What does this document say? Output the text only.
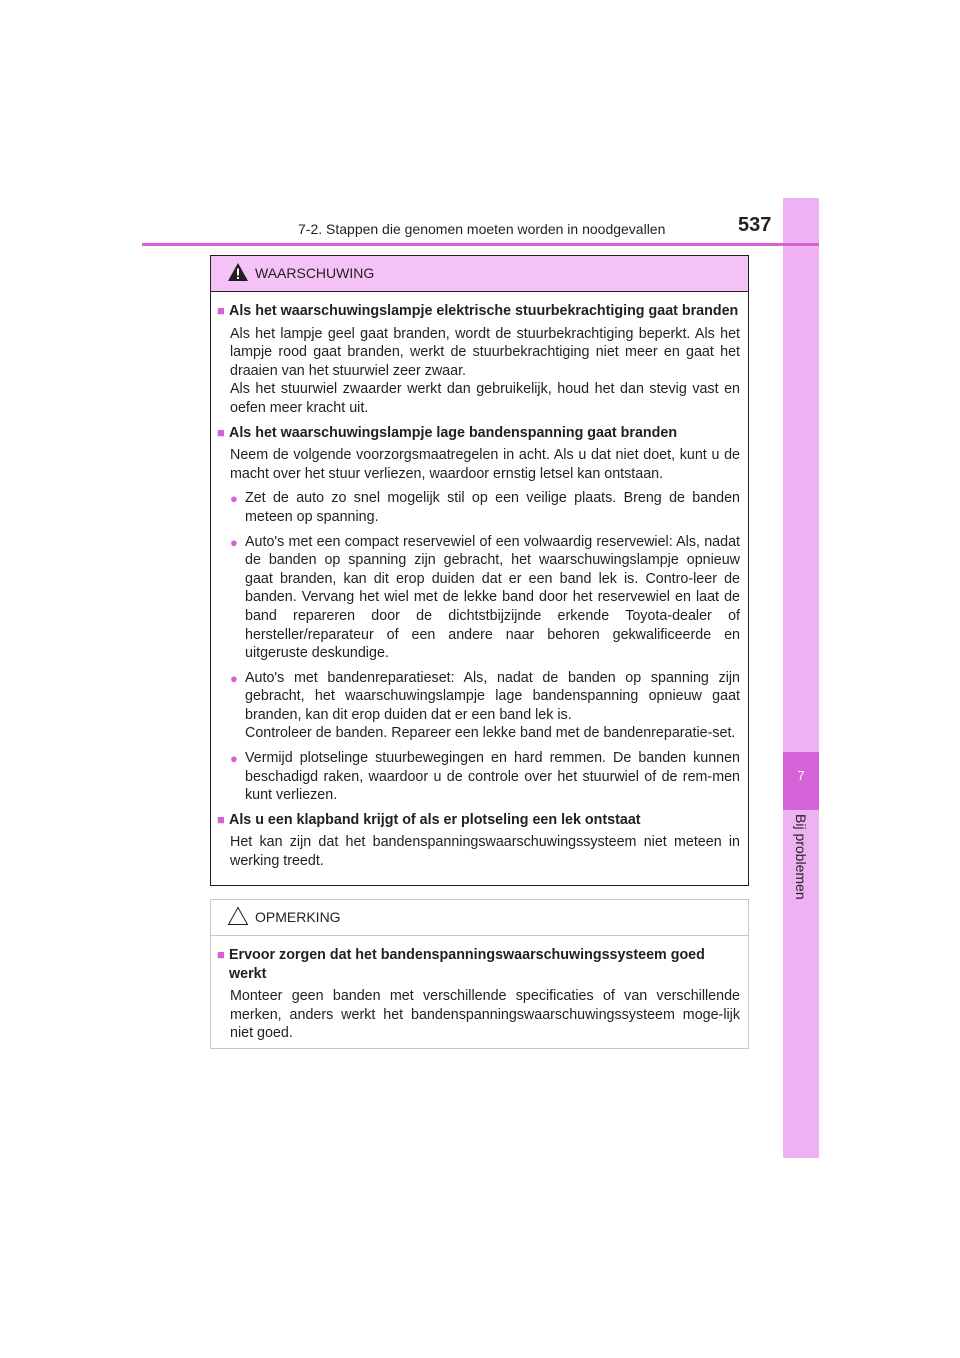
7
Bij problemen
7-2. Stappen die genomen moeten worden in noodgevallen	537
WAARSCHUWING
■ Als het waarschuwingslampje elektrische stuurbekrachtiging gaat branden
Als het lampje geel gaat branden, wordt de stuurbekrachtiging beperkt. Als het lampje rood gaat branden, werkt de stuurbekrachtiging niet meer en gaat het draaien van het stuurwiel zeer zwaar.
Als het stuurwiel zwaarder werkt dan gebruikelijk, houd het dan stevig vast en oefen meer kracht uit.
■ Als het waarschuwingslampje lage bandenspanning gaat branden
Neem de volgende voorzorgsmaatregelen in acht. Als u dat niet doet, kunt u de macht over het stuur verliezen, waardoor ernstig letsel kan ontstaan.
● Zet de auto zo snel mogelijk stil op een veilige plaats. Breng de banden meteen op spanning.
● Auto's met een compact reservewiel of een volwaardig reservewiel: Als, nadat de banden op spanning zijn gebracht, het waarschuwingslampje opnieuw gaat branden, kan dit erop duiden dat er een band lek is. Contro-leer de banden. Vervang het wiel met de lekke band door het reservewiel en laat de band repareren door de dichtstbijzijnde erkende Toyota-dealer of hersteller/reparateur of een andere naar behoren gekwalificeerde en uitgeruste deskundige.
● Auto's met bandenreparatieset: Als, nadat de banden op spanning zijn gebracht, het waarschuwingslampje lage bandenspanning opnieuw gaat branden, kan dit erop duiden dat er een band lek is.
Controleer de banden. Repareer een lekke band met de bandenreparatie-set.
● Vermijd plotselinge stuurbewegingen en hard remmen. De banden kunnen beschadigd raken, waardoor u de controle over het stuurwiel of de rem-men kunt verliezen.
■ Als u een klapband krijgt of als er plotseling een lek ontstaat
Het kan zijn dat het bandenspanningswaarschuwingssysteem niet meteen in werking treedt.
OPMERKING
■ Ervoor zorgen dat het bandenspanningswaarschuwingssysteem goed werkt
Monteer geen banden met verschillende specificaties of van verschillende merken, anders werkt het bandenspanningswaarschuwingssysteem moge-lijk niet goed.
